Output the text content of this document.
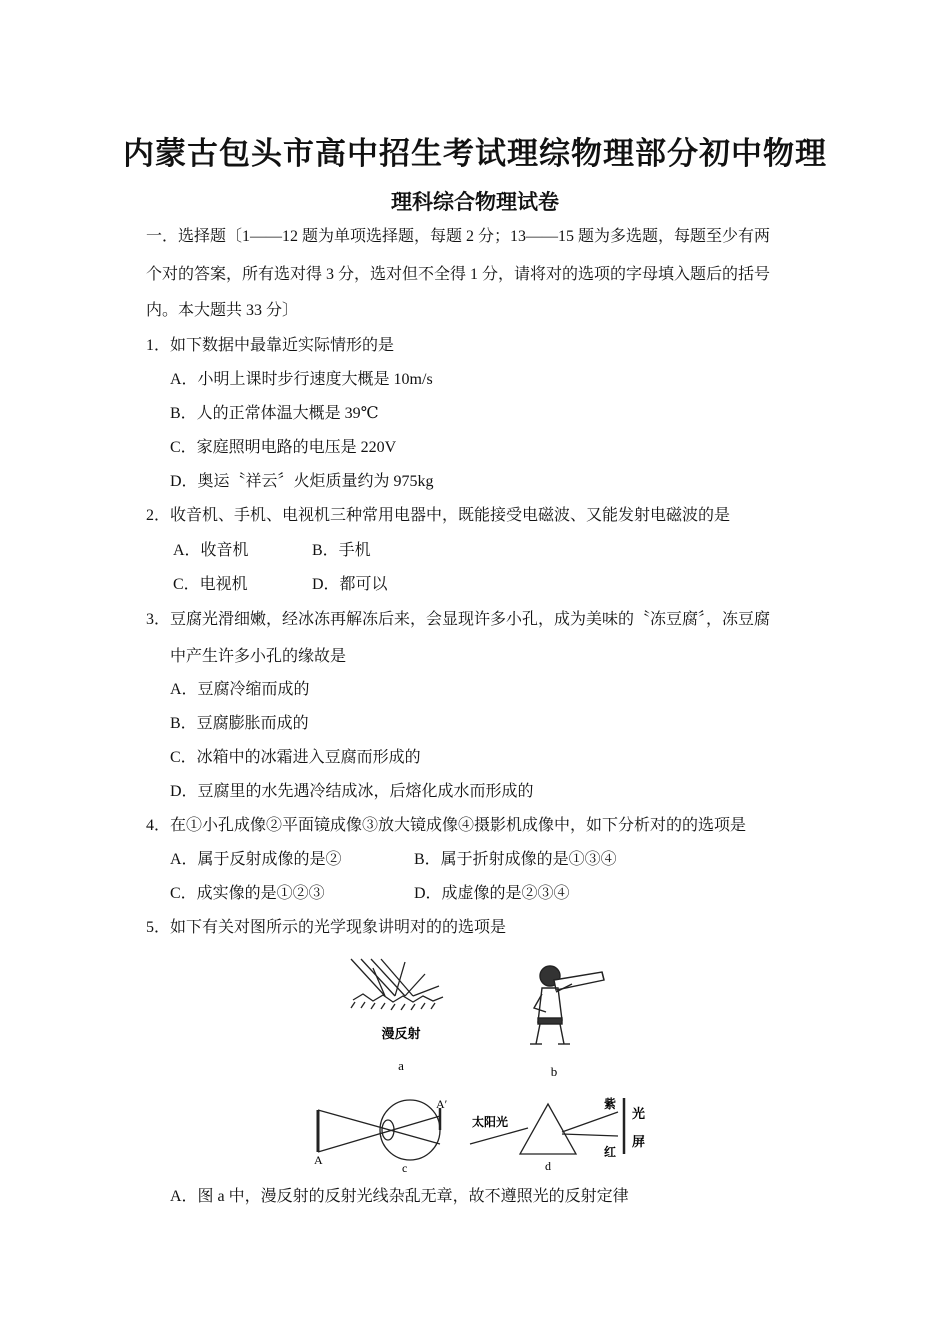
内蒙古包头市高中招生考试理综物理部分初中物理
理科综合物理试卷
一．选择题〔1——12 题为单项选择题，每题 2 分；13——15 题为多选题，每题至少有两
个对的答案，所有选对得 3 分，选对但不全得 1 分，请将对的选项的字母填入题后的括号
内。本大题共 33 分〕
1．如下数据中最靠近实际情形的是
A．小明上课时步行速度大概是 10m/s
B．人的正常体温大概是 39℃
C．家庭照明电路的电压是 220V
D．奥运〝祥云〞火炬质量约为 975kg
2．收音机、手机、电视机三种常用电器中，既能接受电磁波、又能发射电磁波的是
A．收音机	B．手机
C．电视机	D．都可以
3．豆腐光滑细嫩，经冰冻再解冻后来，会显现许多小孔，成为美味的〝冻豆腐〞，冻豆腐
中产生许多小孔的缘故是
A．豆腐冷缩而成的
B．豆腐膨胀而成的
C．冰箱中的冰霜进入豆腐而形成的
D．豆腐里的水先遇冷结成冰，后熔化成水而形成的
4．在①小孔成像②平面镜成像③放大镜成像④摄影机成像中，如下分析对的的选项是
A．属于反射成像的是②	B．属于折射成像的是①③④
C．成实像的是①②③	D．成虚像的是②③④
5．如下有关对图所示的光学现象讲明对的的选项是
漫反射
a	b
A
A′
c
太阳光
紫
红
光
屏
d
A．图 a 中，漫反射的反射光线杂乱无章，故不遵照光的反射定律
